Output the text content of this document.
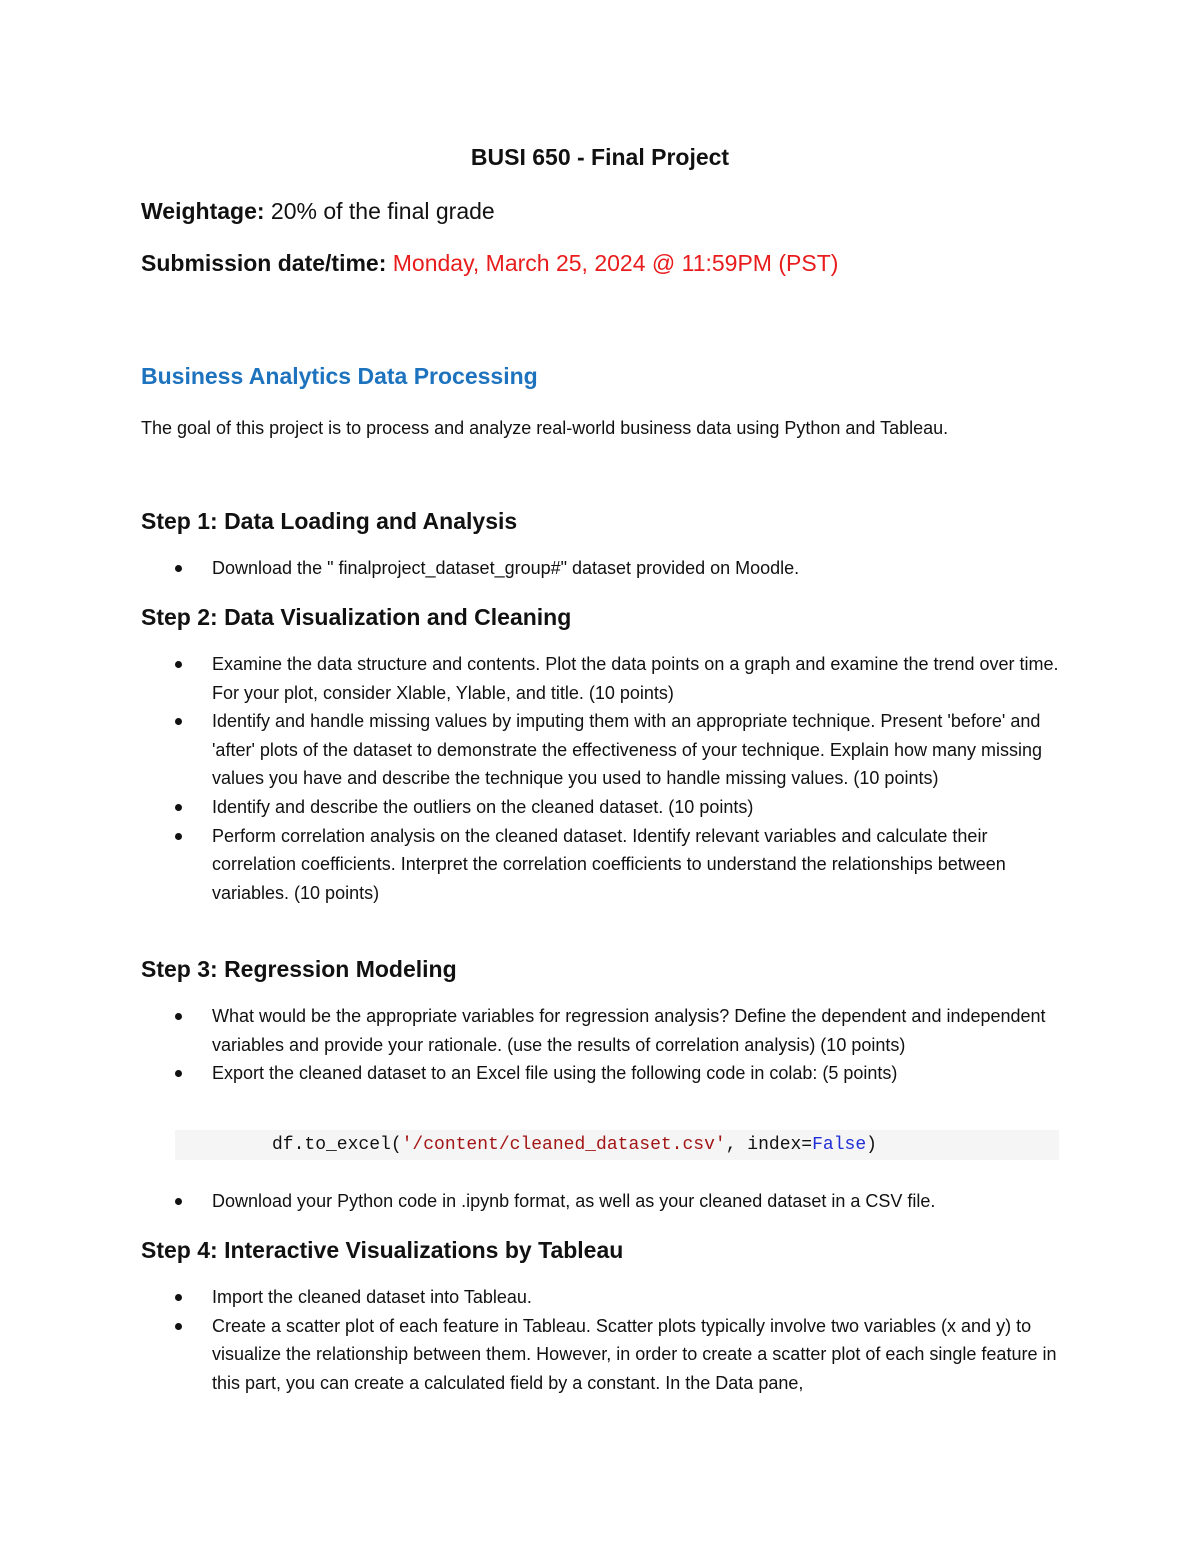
BUSI 650 - Final Project
Weightage: 20% of the final grade
Submission date/time: Monday, March 25, 2024 @ 11:59PM (PST)
Business Analytics Data Processing
The goal of this project is to process and analyze real-world business data using Python and Tableau.
Step 1: Data Loading and Analysis
Download the " finalproject_dataset_group#" dataset provided on Moodle.
Step 2: Data Visualization and Cleaning
Examine the data structure and contents. Plot the data points on a graph and examine the trend over time. For your plot, consider Xlable, Ylable, and title. (10 points)
Identify and handle missing values by imputing them with an appropriate technique. Present 'before' and 'after' plots of the dataset to demonstrate the effectiveness of your technique. Explain how many missing values you have and describe the technique you used to handle missing values. (10 points)
Identify and describe the outliers on the cleaned dataset. (10 points)
Perform correlation analysis on the cleaned dataset. Identify relevant variables and calculate their correlation coefficients. Interpret the correlation coefficients to understand the relationships between variables. (10 points)
Step 3: Regression Modeling
What would be the appropriate variables for regression analysis? Define the dependent and independent variables and provide your rationale. (use the results of correlation analysis) (10 points)
Export the cleaned dataset to an Excel file using the following code in colab: (5 points)
df.to_excel('/content/cleaned_dataset.csv', index=False)
Download your Python code in .ipynb format, as well as your cleaned dataset in a CSV file.
Step 4: Interactive Visualizations by Tableau
Import the cleaned dataset into Tableau.
Create a scatter plot of each feature in Tableau. Scatter plots typically involve two variables (x and y) to visualize the relationship between them. However, in order to create a scatter plot of each single feature in this part, you can create a calculated field by a constant. In the Data pane,
